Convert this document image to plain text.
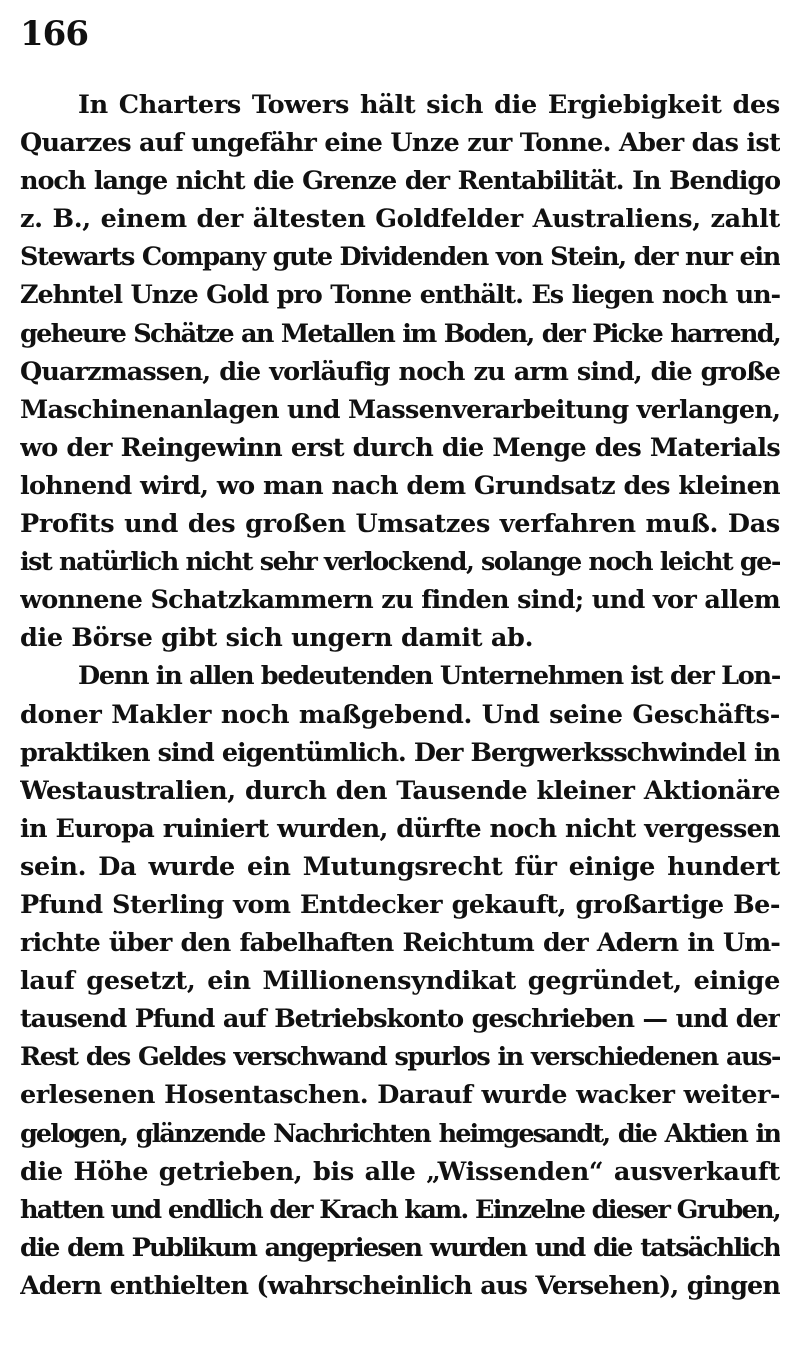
166
In Charters Towers hält sich die Ergiebigkeit des
Quarzes auf ungefähr eine Unze zur Tonne. Aber das ist
noch lange nicht die Grenze der Rentabilität. In Bendigo
z. B., einem der ältesten Goldfelder Australiens, zahlt
Stewarts Company gute Dividenden von Stein, der nur ein
Zehntel Unze Gold pro Tonne enthält. Es liegen noch un-
geheure Schätze an Metallen im Boden, der Picke harrend,
Quarzmassen, die vorläufig noch zu arm sind, die große
Maschinenanlagen und Massenverarbeitung verlangen,
wo der Reingewinn erst durch die Menge des Materials
lohnend wird, wo man nach dem Grundsatz des kleinen
Profits und des großen Umsatzes verfahren muß. Das
ist natürlich nicht sehr verlockend, solange noch leicht ge-
wonnene Schatzkammern zu finden sind; und vor allem
die Börse gibt sich ungern damit ab.
Denn in allen bedeutenden Unternehmen ist der Lon-
doner Makler noch maßgebend. Und seine Geschäfts-
praktiken sind eigentümlich. Der Bergwerksschwindel in
Westaustralien, durch den Tausende kleiner Aktionäre
in Europa ruiniert wurden, dürfte noch nicht vergessen
sein. Da wurde ein Mutungsrecht für einige hundert
Pfund Sterling vom Entdecker gekauft, großartige Be-
richte über den fabelhaften Reichtum der Adern in Um-
lauf gesetzt, ein Millionensyndikat gegründet, einige
tausend Pfund auf Betriebskonto geschrieben — und der
Rest des Geldes verschwand spurlos in verschiedenen aus-
erlesenen Hosentaschen. Darauf wurde wacker weiter-
gelogen, glänzende Nachrichten heimgesandt, die Aktien in
die Höhe getrieben, bis alle „Wissenden“ ausverkauft
hatten und endlich der Krach kam. Einzelne dieser Gruben,
die dem Publikum angepriesen wurden und die tatsächlich
Adern enthielten (wahrscheinlich aus Versehen), gingen
